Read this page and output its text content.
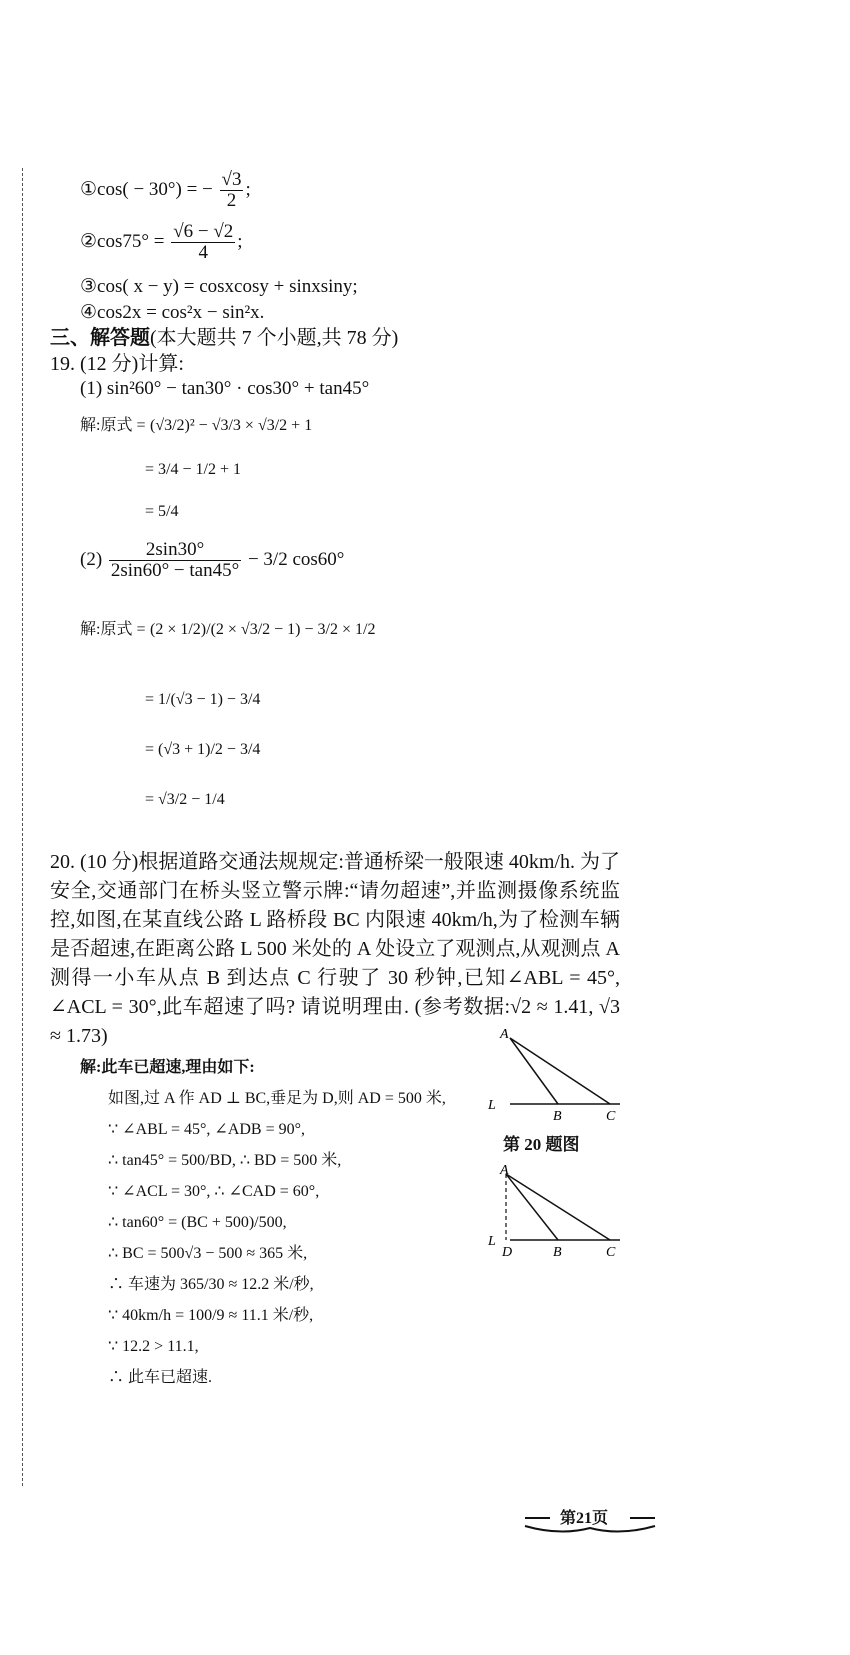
①cos( − 30°) = − $\frac{√3}{2}$ ;
②cos75° = $\frac{√6 - √2}{4}$ ;
③cos( x − y) = cosxcosy + sinxsiny;
④cos2x = cos²x − sin²x.
三、解答题(本大题共 7 个小题,共 78 分)
19. (12 分)计算:
(1) sin²60° − tan30° · cos30° + tan45°
解:原式 = (√3/2)² − √3/3 × √3/2 + 1
= 3/4 − 1/2 + 1
= 5/4
$(2) \frac{2\sin 30^\circ}{2\sin 60^\circ - \tan 45^\circ} - 3/2$ cos60°
解:原式 = (2 × 1/2)/(2 × √3/2 − 1) − 3/2 × 1/2
= 1/(√3 − 1) − 3/4
= (√3 + 1)/2 − 3/4
= √3/2 − 1/4
20. (10 分)根据道路交通法规规定:普通桥梁一般限速 40km/h. 为了安全,交通部门在桥头竖立警示牌:“请勿超速”,并监测摄像系统监控,如图,在某直线公路 L 路桥段 BC 内限速 40km/h,为了检测车辆是否超速,在距离公路 L 500 米处的 A 处设立了观测点,从观测点 A 测得一小车从点 B 到达点 C 行驶了 30 秒钟,已知∠ABL = 45°, ∠ACL = 30°,此车超速了吗? 请说明理由. (参考数据:√2 ≈ 1.41, √3 ≈ 1.73)
解:此车已超速,理由如下:
如图,过 A 作 AD ⊥ BC,垂足为 D,则 AD = 500 米,
∵ ∠ABL = 45°, ∠ADB = 90°,
∴ tan45° = 500/BD, ∴ BD = 500 米,
∵ ∠ACL = 30°, ∴ ∠CAD = 60°,
∴ tan60° = (BC + 500)/500,
∴ BC = 500√3 − 500 ≈ 365 米,
∴ 车速为 365/30 ≈ 12.2 米/秒,
∵ 40km/h = 100/9 ≈ 11.1 米/秒,
∵ 12.2 > 11.1,
∴ 此车已超速.
A
L
B	C
第 20 题图
A
L
D	B	C
第21页
